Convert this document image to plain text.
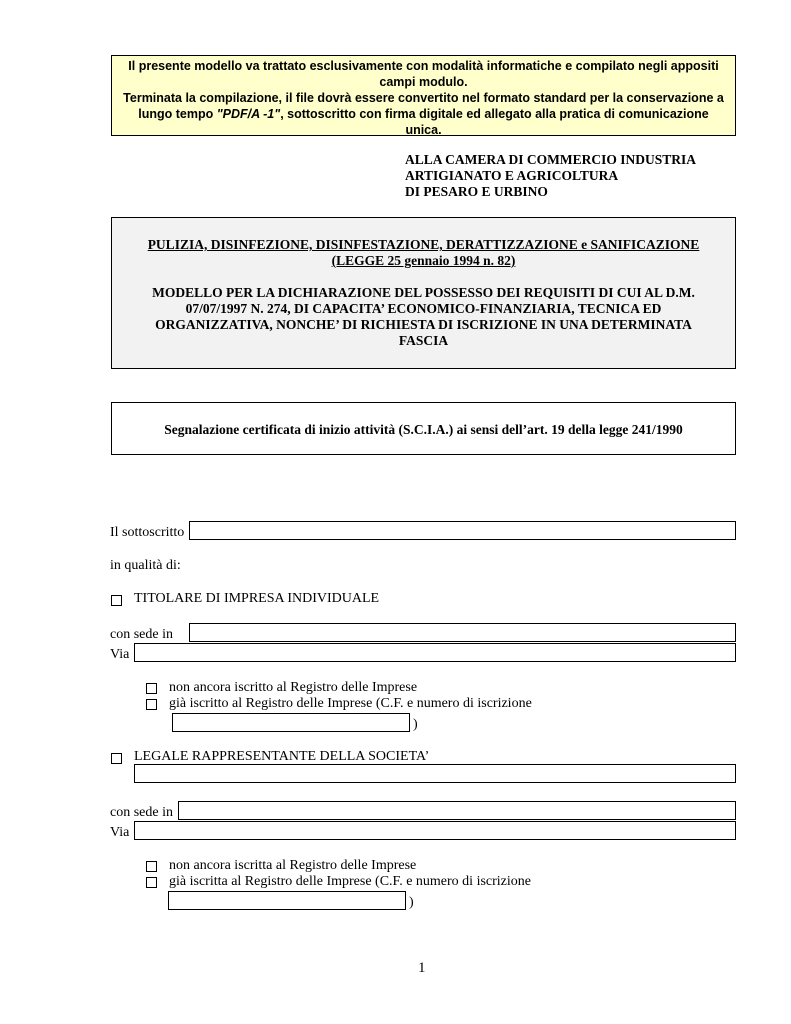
Il presente modello va trattato esclusivamente con modalità informatiche e compilato negli appositi campi modulo.
Terminata la compilazione, il file dovrà essere convertito nel formato standard per la conservazione a lungo tempo "PDF/A -1", sottoscritto con firma digitale ed allegato alla pratica di comunicazione unica.
ALLA CAMERA DI COMMERCIO INDUSTRIA
ARTIGIANATO E AGRICOLTURA
DI PESARO E URBINO
PULIZIA, DISINFEZIONE, DISINFESTAZIONE, DERATTIZZAZIONE e SANIFICAZIONE
(LEGGE 25 gennaio 1994 n. 82)
MODELLO PER LA DICHIARAZIONE DEL POSSESSO DEI REQUISITI DI CUI AL D.M. 07/07/1997 N. 274, DI CAPACITA’ ECONOMICO-FINANZIARIA, TECNICA ED ORGANIZZATIVA, NONCHE’ DI RICHIESTA DI ISCRIZIONE IN UNA DETERMINATA FASCIA
Segnalazione certificata di inizio attività (S.C.I.A.) ai sensi dell’art. 19 della legge 241/1990
Il sottoscritto
in qualità di:
TITOLARE DI IMPRESA INDIVIDUALE
con sede in
Via
non ancora iscritto al Registro delle Imprese
già iscritto al Registro delle Imprese (C.F. e numero di iscrizione
)
LEGALE RAPPRESENTANTE DELLA SOCIETA’
con sede in
Via
non ancora iscritta al Registro delle Imprese
già iscritta al Registro delle Imprese (C.F. e numero di iscrizione
)
1
